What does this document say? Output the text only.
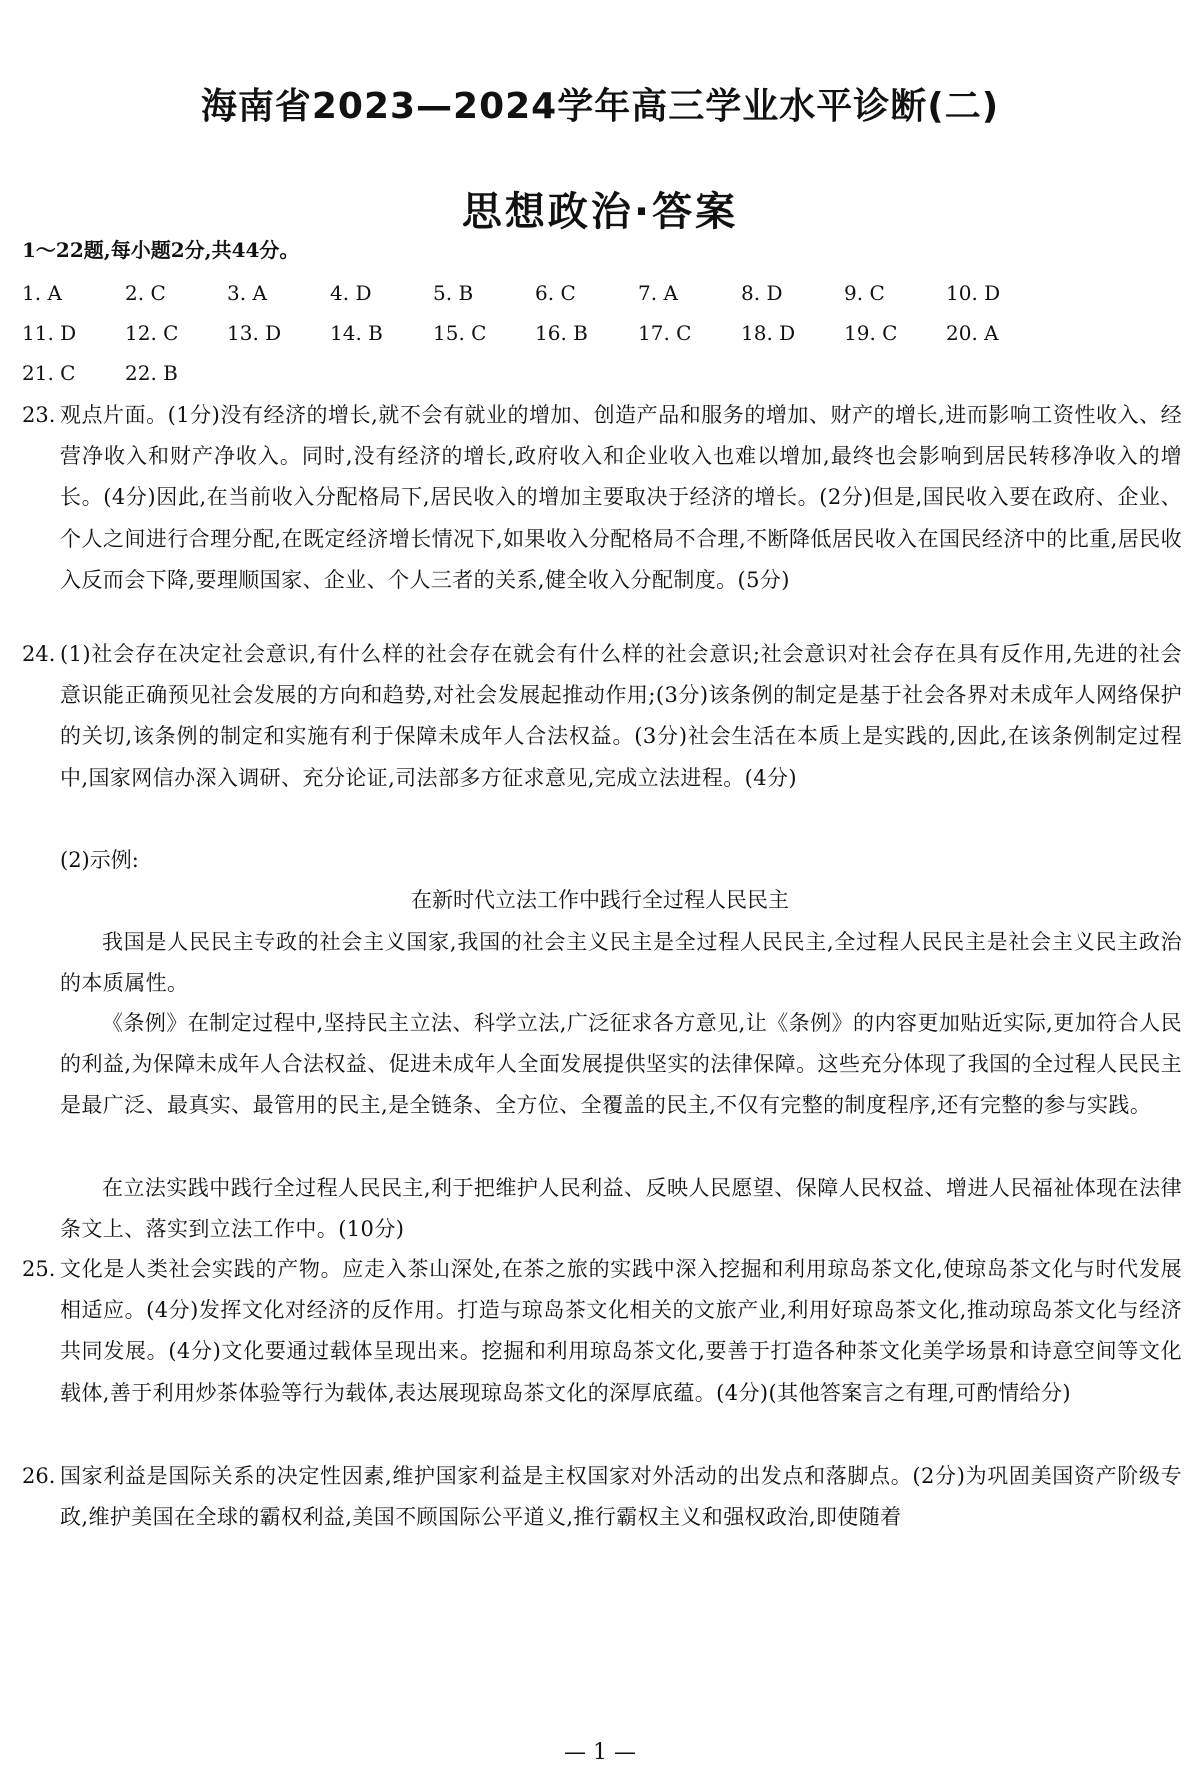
海南省2023—2024学年高三学业水平诊断(二)
思想政治·答案
1～22题,每小题2分,共44分。
1. A	2. C	3. A	4. D	5. B	6. C	7. A	8. D	9. C	10. D
11. D 12. C 13. D 14. B	15. C 16. B	17. C 18. D 19. C 20. A
21. C 22. B
23. 观点片面。(1分)没有经济的增长,就不会有就业的增加、创造产品和服务的增加、财产的增长,进而影响工资性收入、经营净收入和财产净收入。同时,没有经济的增长,政府收入和企业收入也难以增加,最终也会影响到居民转移净收入的增长。(4分)因此,在当前收入分配格局下,居民收入的增加主要取决于经济的增长。(2分)但是,国民收入要在政府、企业、个人之间进行合理分配,在既定经济增长情况下,如果收入分配格局不合理,不断降低居民收入在国民经济中的比重,居民收入反而会下降,要理顺国家、企业、个人三者的关系,健全收入分配制度。(5分)
24. (1)社会存在决定社会意识,有什么样的社会存在就会有什么样的社会意识;社会意识对社会存在具有反作用,先进的社会意识能正确预见社会发展的方向和趋势,对社会发展起推动作用;(3分)该条例的制定是基于社会各界对未成年人网络保护的关切,该条例的制定和实施有利于保障未成年人合法权益。(3分)社会生活在本质上是实践的,因此,在该条例制定过程中,国家网信办深入调研、充分论证,司法部多方征求意见,完成立法进程。(4分)
(2)示例:
在新时代立法工作中践行全过程人民民主
我国是人民民主专政的社会主义国家,我国的社会主义民主是全过程人民民主,全过程人民民主是社会主义民主政治的本质属性。
《条例》在制定过程中,坚持民主立法、科学立法,广泛征求各方意见,让《条例》的内容更加贴近实际,更加符合人民的利益,为保障未成年人合法权益、促进未成年人全面发展提供坚实的法律保障。这些充分体现了我国的全过程人民民主是最广泛、最真实、最管用的民主,是全链条、全方位、全覆盖的民主,不仅有完整的制度程序,还有完整的参与实践。
在立法实践中践行全过程人民民主,利于把维护人民利益、反映人民愿望、保障人民权益、增进人民福祉体现在法律条文上、落实到立法工作中。(10分)
25. 文化是人类社会实践的产物。应走入茶山深处,在茶之旅的实践中深入挖掘和利用琼岛茶文化,使琼岛茶文化与时代发展相适应。(4分)发挥文化对经济的反作用。打造与琼岛茶文化相关的文旅产业,利用好琼岛茶文化,推动琼岛茶文化与经济共同发展。(4分)文化要通过载体呈现出来。挖掘和利用琼岛茶文化,要善于打造各种茶文化美学场景和诗意空间等文化载体,善于利用炒茶体验等行为载体,表达展现琼岛茶文化的深厚底蕴。(4分)(其他答案言之有理,可酌情给分)
26. 国家利益是国际关系的决定性因素,维护国家利益是主权国家对外活动的出发点和落脚点。(2分)为巩固美国资产阶级专政,维护美国在全球的霸权利益,美国不顾国际公平道义,推行霸权主义和强权政治,即使随着
— 1 —
